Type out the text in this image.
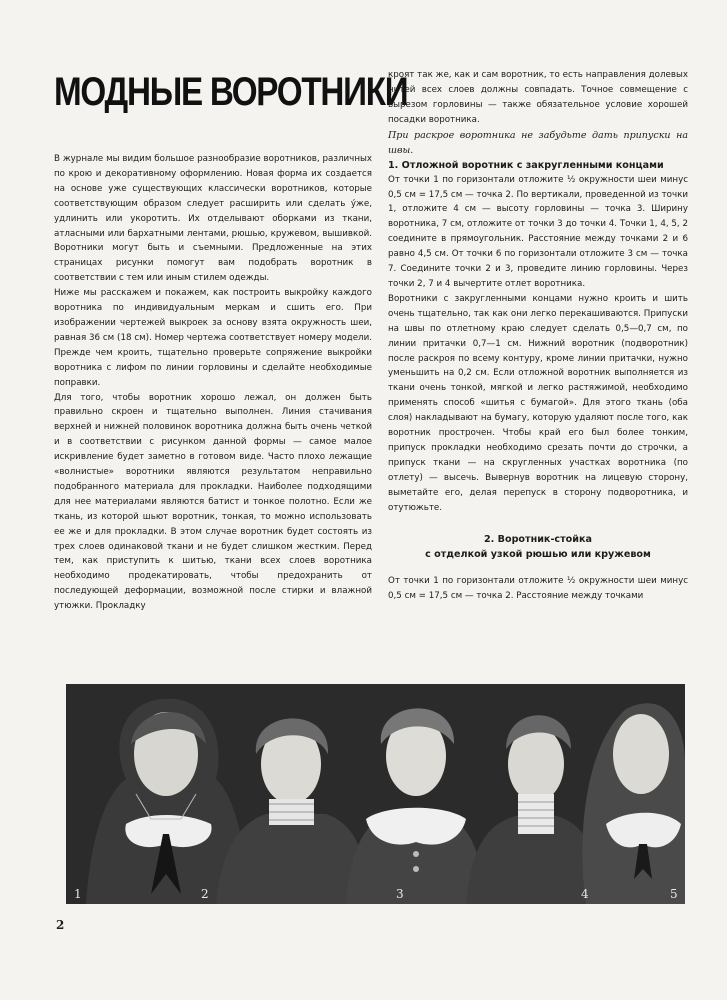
МОДНЫЕ ВОРОТНИКИ

В журнале мы видим большое разнообразие воротников, различных по крою и декоративному оформлению. Новая форма их создается на основе уже существующих классически воротников, которые соответствующим образом следует расширить или сделать ýже, удлинить или укоротить. Их отделывают оборками из ткани, атласными или бархатными лентами, рюшью, кружевом, вышивкой. Воротники могут быть и съемными. Предложенные на этих страницах рисунки помогут вам подобрать воротник в соответствии с тем или иным стилем одежды.

Ниже мы расскажем и покажем, как построить выкройку каждого воротника по индивидуальным меркам и сшить его. При изображении чертежей выкроек за основу взята окружность шеи, равная 36 см (18 см). Номер чертежа соответствует номеру модели. Прежде чем кроить, тщательно проверьте сопряжение выкройки воротника с лифом по линии горловины и сделайте необходимые поправки.

Для того, чтобы воротник хорошо лежал, он должен быть правильно скроен и тщательно выполнен. Линия стачивания верхней и нижней половинок воротника должна быть очень четкой и в соответствии с рисунком данной формы — самое малое искривление будет заметно в готовом виде. Часто плохо лежащие «волнистые» воротники являются результатом неправильно подобранного материала для прокладки. Наиболее подходящими для нее материалами являются батист и тонкое полотно. Если же ткань, из которой шьют воротник, тонкая, то можно использовать ее же и для прокладки. В этом случае воротник будет состоять из трех слоев одинаковой ткани и не будет слишком жестким. Перед тем, как приступить к шитью, ткани всех слоев воротника необходимо продекатировать, чтобы предохранить от последующей деформации, возможной после стирки и влажной утюжки. Прокладку

кроят так же, как и сам воротник, то есть направления долевых нитей всех слоев должны совпадать. Точное совмещение с вырезом горловины — также обязательное условие хорошей посадки воротника.

При раскрое воротника не забудьте дать припуски на швы.

1. Отложной воротник с закругленными концами

От точки 1 по горизонтали отложите ½ окружности шеи минус 0,5 см = 17,5 см — точка 2. По вертикали, проведенной из точки 1, отложите 4 см — высоту горловины — точка 3. Ширину воротника, 7 см, отложите от точки 3 до точки 4. Точки 1, 4, 5, 2 соедините в прямоугольник. Расстояние между точками 2 и 6 равно 4,5 см. От точки 6 по горизонтали отложите 3 см — точка 7. Соедините точки 2 и 3, проведите линию горловины. Через точки 2, 7 и 4 вычертите отлет воротника.

Воротники с закругленными концами нужно кроить и шить очень тщательно, так как они легко перекашиваются. Припуски на швы по отлетному краю следует сделать 0,5—0,7 см, по линии притачки 0,7—1 см. Нижний воротник (подворотник) после раскроя по всему контуру, кроме линии притачки, нужно уменьшить на 0,2 см. Если отложной воротник выполняется из ткани очень тонкой, мягкой и легко растяжимой, необходимо применять способ «шитья с бумагой». Для этого ткань (оба слоя) накладывают на бумагу, которую удаляют после того, как воротник простpочен. Чтобы край его был более тонким, припуск прокладки необходимо срезать почти до строчки, а припуск ткани — на скругленных участках воротника (по отлету) — высечь. Вывернув воротник на лицевую сторону, выметайте его, делая перепуск в сторону подворотника, и отутюжьте.

2. Воротник-стойка
с отделкой узкой рюшью или кружевом

От точки 1 по горизонтали отложите ½ окружности шеи минус 0,5 см = 17,5 см — точка 2. Расстояние между точками

1	2	3	4	5
2
